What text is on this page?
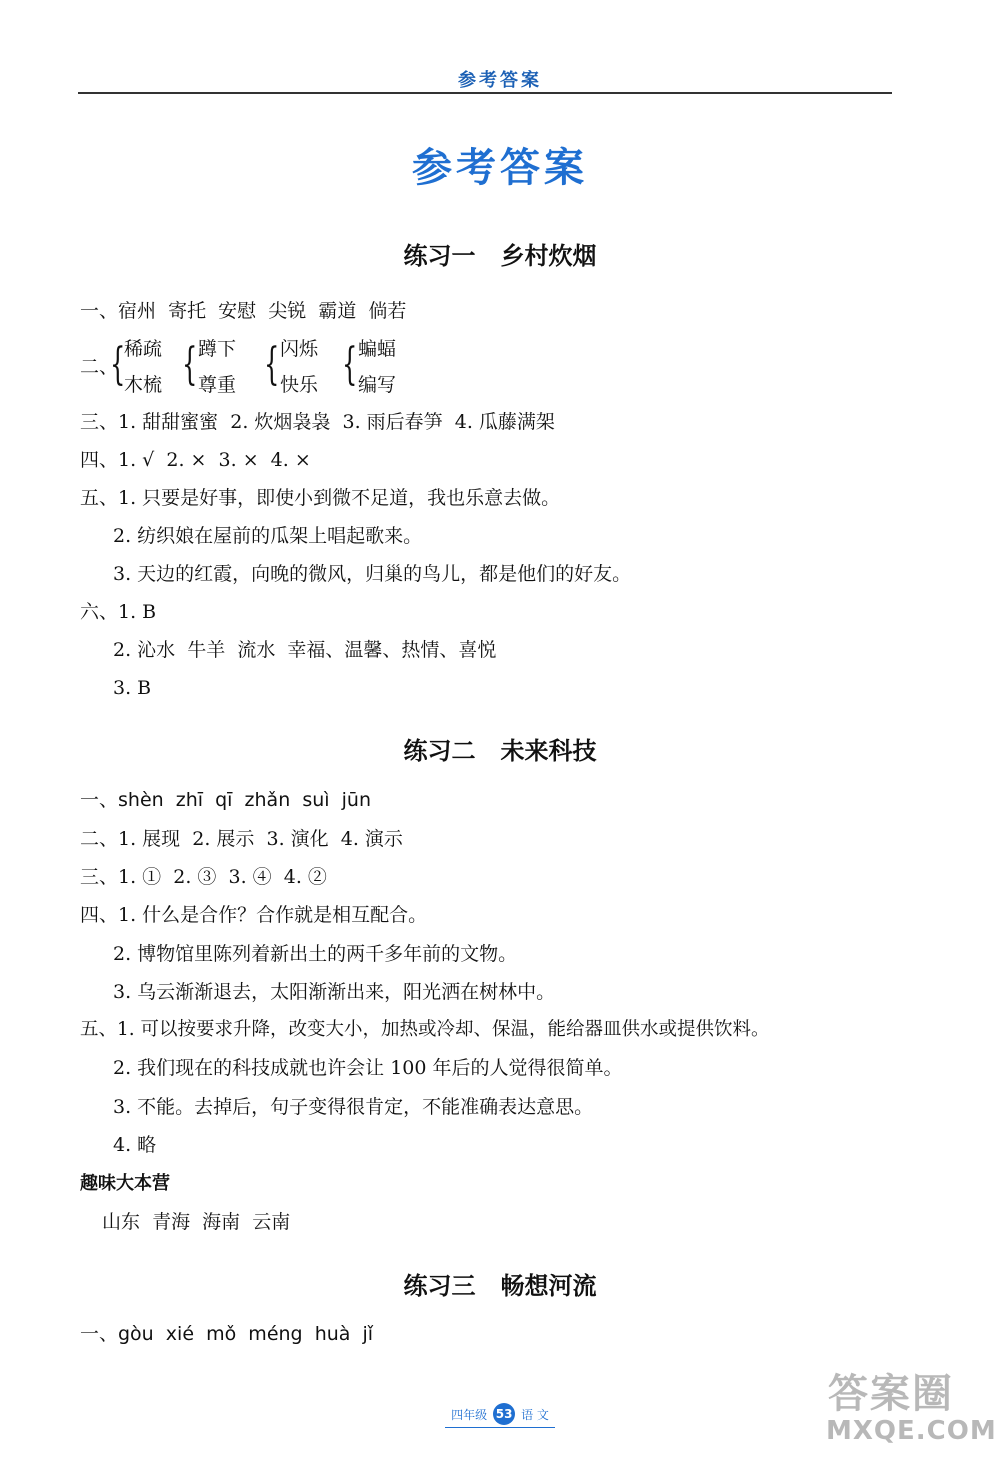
参考答案
参考答案
练习一   乡村炊烟
一、宿州  寄托  安慰  尖锐  霸道  倘若
二、
{
稀疏
木梳 { 蹲下
尊重 { 闪烁
快乐 { 蝙蝠
编写
三、1. 甜甜蜜蜜  2. 炊烟袅袅  3. 雨后春笋  4. 瓜藤满架
四、1. √  2. ×  3. ×  4. ×
五、1. 只要是好事，即使小到微不足道，我也乐意去做。
2. 纺织娘在屋前的瓜架上唱起歌来。
3. 天边的红霞，向晚的微风，归巢的鸟儿，都是他们的好友。
六、1. B
2. 沁水  牛羊  流水  幸福、温馨、热情、喜悦
3. B
练习二   未来科技
一、shèn  zhī  qī  zhǎn  suì  jūn
二、1. 展现  2. 展示  3. 演化  4. 演示
三、1. ①  2. ③  3. ④  4. ②
四、1. 什么是合作？合作就是相互配合。
2. 博物馆里陈列着新出土的两千多年前的文物。
3. 乌云渐渐退去，太阳渐渐出来，阳光洒在树林中。
五、1. 可以按要求升降，改变大小，加热或冷却、保温，能给器皿供水或提供饮料。
2. 我们现在的科技成就也许会让 100 年后的人觉得很简单。
3. 不能。去掉后，句子变得很肯定，不能准确表达意思。
4. 略
趣味大本营
山东  青海  海南  云南
练习三   畅想河流
一、gòu  xié  mǒ  méng  huà  jǐ
四年级 53 语 文	答案圈
MXQE.COM
